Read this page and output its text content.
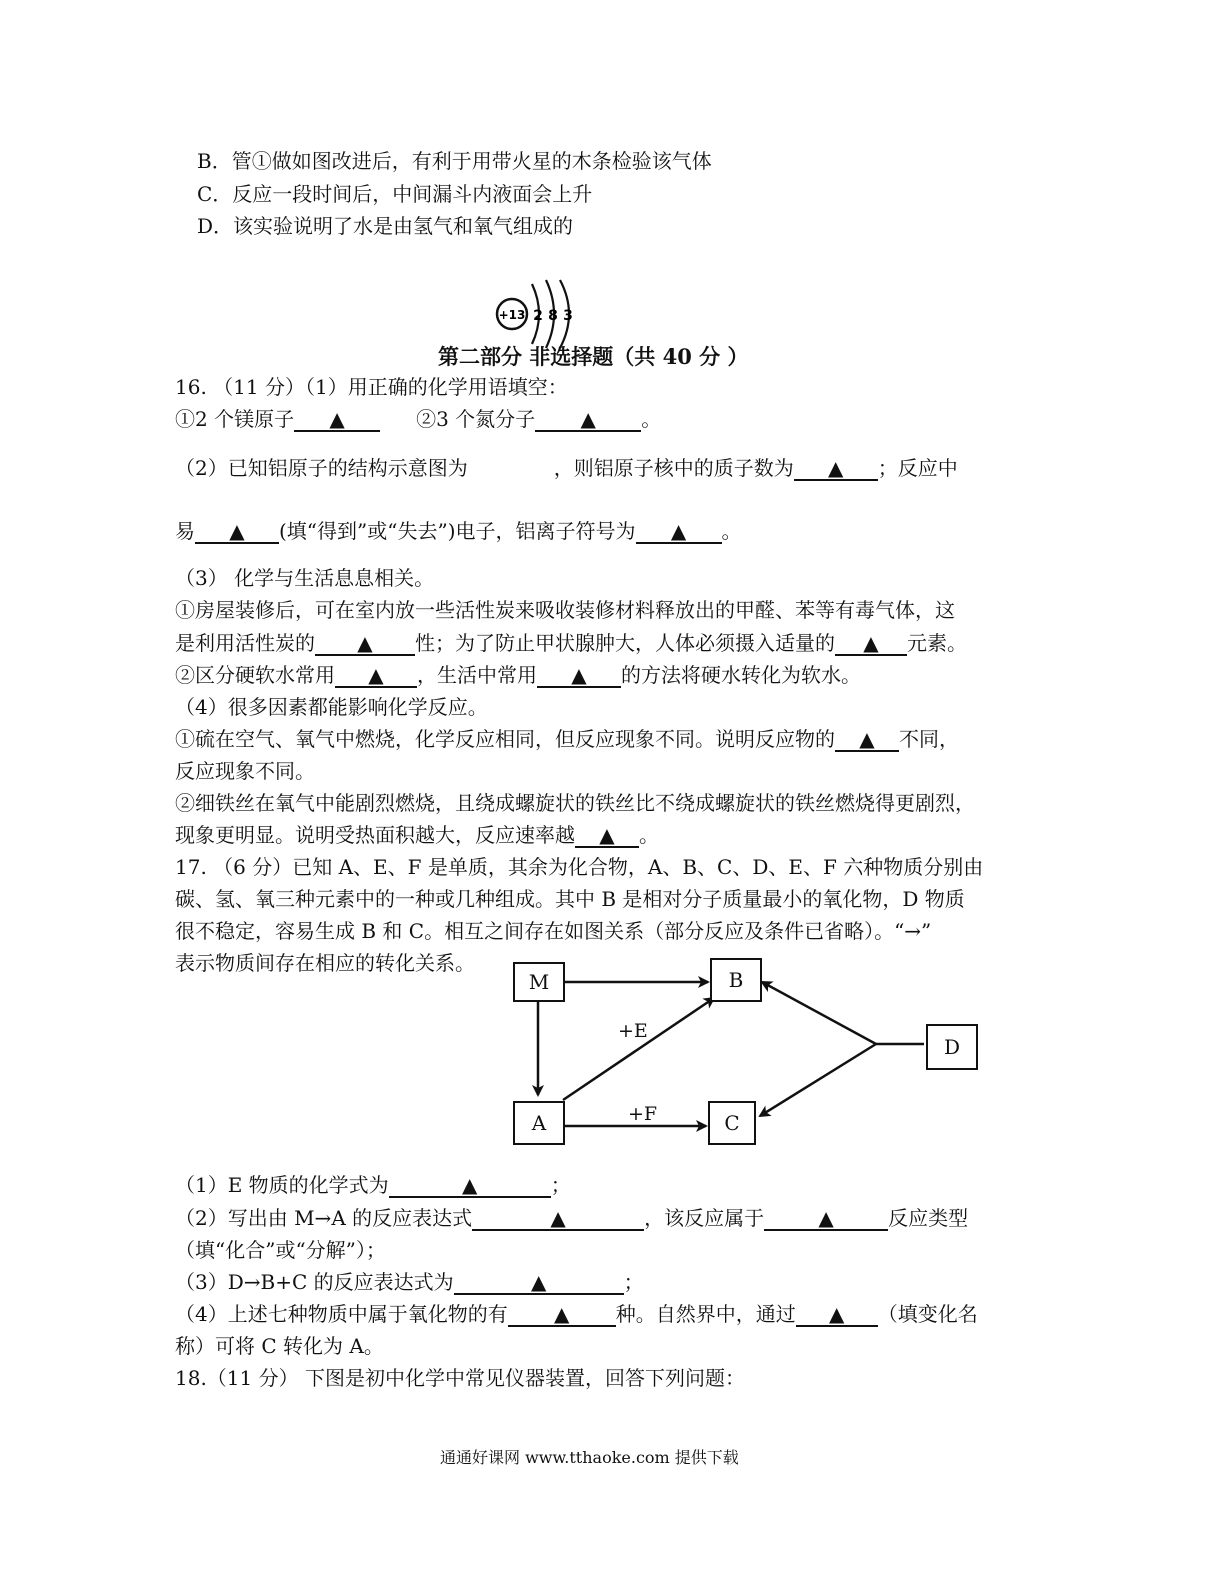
B．管①做如图改进后，有利于用带火星的木条检验该气体
C．反应一段时间后，中间漏斗内液面会上升
D．该实验说明了水是由氢气和氧气组成的
+13 2 8 3
第二部分 非选择题（共 40 分 ）
16. （11 分）（1）用正确的化学用语填空：
①2 个镁原子 ▲	②3 个氮分子 ▲ 。
（2）已知铝原子的结构示意图为	，则铝原子核中的质子数为 ▲ ；反应中
易 ▲ (填“得到”或“失去”)电子，铝离子符号为 ▲ 。
（3） 化学与生活息息相关。
①房屋装修后，可在室内放一些活性炭来吸收装修材料释放出的甲醛、苯等有毒气体，这
是利用活性炭的 ▲ 性；为了防止甲状腺肿大，人体必须摄入适量的 ▲ 元素。
②区分硬软水常用 ▲ ，生活中常用 ▲ 的方法将硬水转化为软水。
（4）很多因素都能影响化学反应。
①硫在空气、氧气中燃烧，化学反应相同，但反应现象不同。说明反应物的 ▲ 不同，
反应现象不同。
②细铁丝在氧气中能剧烈燃烧，且绕成螺旋状的铁丝比不绕成螺旋状的铁丝燃烧得更剧烈，
现象更明显。说明受热面积越大，反应速率越 ▲ 。
17. （6 分）已知 A、E、F 是单质，其余为化合物，A、B、C、D、E、F 六种物质分别由
碳、氢、氧三种元素中的一种或几种组成。其中 B 是相对分子质量最小的氧化物，D 物质
很不稳定，容易生成 B 和 C。相互之间存在如图关系（部分反应及条件已省略）。“→”
表示物质间存在相应的转化关系。
M	B
A	C
D
+E
+F
（1）E 物质的化学式为	▲	；
（2）写出由 M→A 的反应表达式	▲	，该反应属于	▲	反应类型
（填“化合”或“分解”）；
（3）D→B+C 的反应表达式为	▲	；
（4）上述七种物质中属于氧化物的有 ▲ 种。自然界中，通过 ▲ （填变化名
称）可将 C 转化为 A。
18.（11 分） 下图是初中化学中常见仪器装置，回答下列问题：
通通好课网 www.tthaoke.com 提供下载
